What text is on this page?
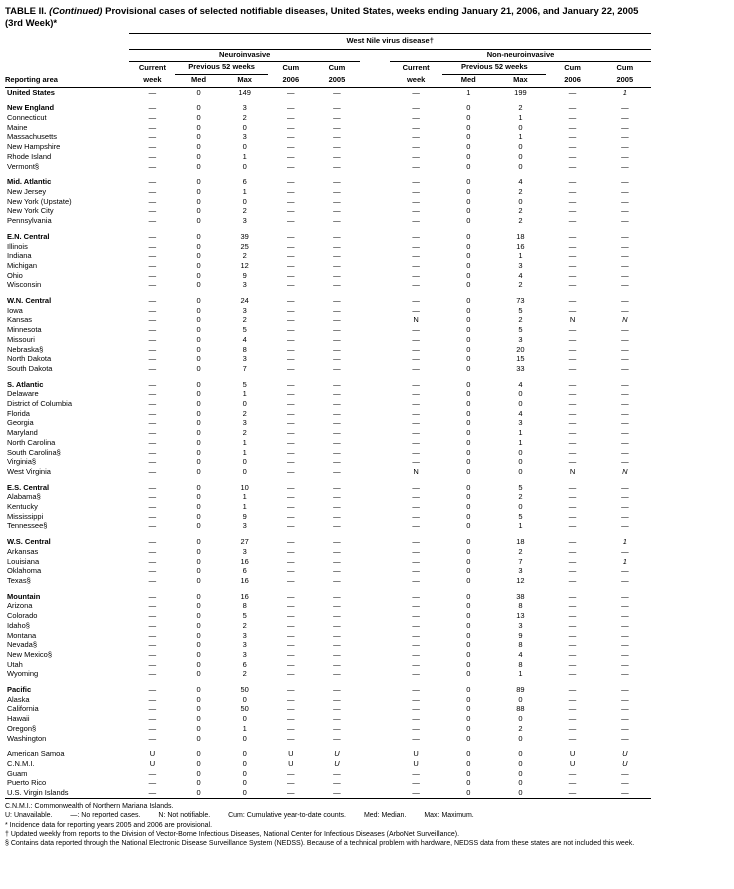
TABLE II. (Continued) Provisional cases of selected notifiable diseases, United States, weeks ending January 21, 2006, and January 22, 2005
(3rd Week)*
	West Nile virus disease†										
	Neuroinvasive						Non-neuroinvasive				
	Current	Previous 52 weeks		Cum	Cum		Current	Previous 52 weeks		Cum	Cum
Reporting area	week	Med	Max	2006	2005		week	Med	Max	2006	2005
United States	—	0	149	—	—		—	1	199	—	1
New England	—	0	3	—	—		—	0	2	—	—
Connecticut	—	0	2	—	—		—	0	1	—	—
Maine	—	0	0	—	—		—	0	0	—	—
Massachusetts	—	0	3	—	—		—	0	1	—	—
New Hampshire	—	0	0	—	—		—	0	0	—	—
Rhode Island	—	0	1	—	—		—	0	0	—	—
Vermont§	—	0	0	—	—		—	0	0	—	—
Mid. Atlantic	—	0	6	—	—		—	0	4	—	—
New Jersey	—	0	1	—	—		—	0	2	—	—
New York (Upstate)	—	0	0	—	—		—	0	0	—	—
New York City	—	0	2	—	—		—	0	2	—	—
Pennsylvania	—	0	3	—	—		—	0	2	—	—
E.N. Central	—	0	39	—	—		—	0	18	—	—
Illinois	—	0	25	—	—		—	0	16	—	—
Indiana	—	0	2	—	—		—	0	1	—	—
Michigan	—	0	12	—	—		—	0	3	—	—
Ohio	—	0	9	—	—		—	0	4	—	—
Wisconsin	—	0	3	—	—		—	0	2	—	—
W.N. Central	—	0	24	—	—		—	0	73	—	—
Iowa	—	0	3	—	—		—	0	5	—	—
Kansas	—	0	2	—	—		N	0	2	N	N
Minnesota	—	0	5	—	—		—	0	5	—	—
Missouri	—	0	4	—	—		—	0	3	—	—
Nebraska§	—	0	8	—	—		—	0	20	—	—
North Dakota	—	0	3	—	—		—	0	15	—	—
South Dakota	—	0	7	—	—		—	0	33	—	—
S. Atlantic	—	0	5	—	—		—	0	4	—	—
Delaware	—	0	1	—	—		—	0	0	—	—
District of Columbia	—	0	0	—	—		—	0	0	—	—
Florida	—	0	2	—	—		—	0	4	—	—
Georgia	—	0	3	—	—		—	0	3	—	—
Maryland	—	0	2	—	—		—	0	1	—	—
North Carolina	—	0	1	—	—		—	0	1	—	—
South Carolina§	—	0	1	—	—		—	0	0	—	—
Virginia§	—	0	0	—	—		—	0	0	—	—
West Virginia	—	0	0	—	—		N	0	0	N	N
E.S. Central	—	0	10	—	—		—	0	5	—	—
Alabama§	—	0	1	—	—		—	0	2	—	—
Kentucky	—	0	1	—	—		—	0	0	—	—
Mississippi	—	0	9	—	—		—	0	5	—	—
Tennessee§	—	0	3	—	—		—	0	1	—	—
W.S. Central	—	0	27	—	—		—	0	18	—	1
Arkansas	—	0	3	—	—		—	0	2	—	—
Louisiana	—	0	16	—	—		—	0	7	—	1
Oklahoma	—	0	6	—	—		—	0	3	—	—
Texas§	—	0	16	—	—		—	0	12	—	—
Mountain	—	0	16	—	—		—	0	38	—	—
Arizona	—	0	8	—	—		—	0	8	—	—
Colorado	—	0	5	—	—		—	0	13	—	—
Idaho§	—	0	2	—	—		—	0	3	—	—
Montana	—	0	3	—	—		—	0	9	—	—
Nevada§	—	0	3	—	—		—	0	8	—	—
New Mexico§	—	0	3	—	—		—	0	4	—	—
Utah	—	0	6	—	—		—	0	8	—	—
Wyoming	—	0	2	—	—		—	0	1	—	—
Pacific	—	0	50	—	—		—	0	89	—	—
Alaska	—	0	0	—	—		—	0	0	—	—
California	—	0	50	—	—		—	0	88	—	—
Hawaii	—	0	0	—	—		—	0	0	—	—
Oregon§	—	0	1	—	—		—	0	2	—	—
Washington	—	0	0	—	—		—	0	0	—	—
American Samoa	U	0	0	U	U		U	0	0	U	U
C.N.M.I.	U	0	0	U	U		U	0	0	U	U
Guam	—	0	0	—	—		—	0	0	—	—
Puerto Rico	—	0	0	—	—		—	0	0	—	—
U.S. Virgin Islands	—	0	0	—	—		—	0	0	—	—
C.N.M.I.: Commonwealth of Northern Mariana Islands.
U: Unavailable.	—: No reported cases.	N: Not notifiable.	Cum: Cumulative year-to-date counts.	Med: Median.	Max: Maximum.
* Incidence data for reporting years 2005 and 2006 are provisional.
† Updated weekly from reports to the Division of Vector-Borne Infectious Diseases, National Center for Infectious Diseases (ArboNet Surveillance).
§ Contains data reported through the National Electronic Disease Surveillance System (NEDSS). Because of a technical problem with hardware, NEDSS data from these states are not included this week.
